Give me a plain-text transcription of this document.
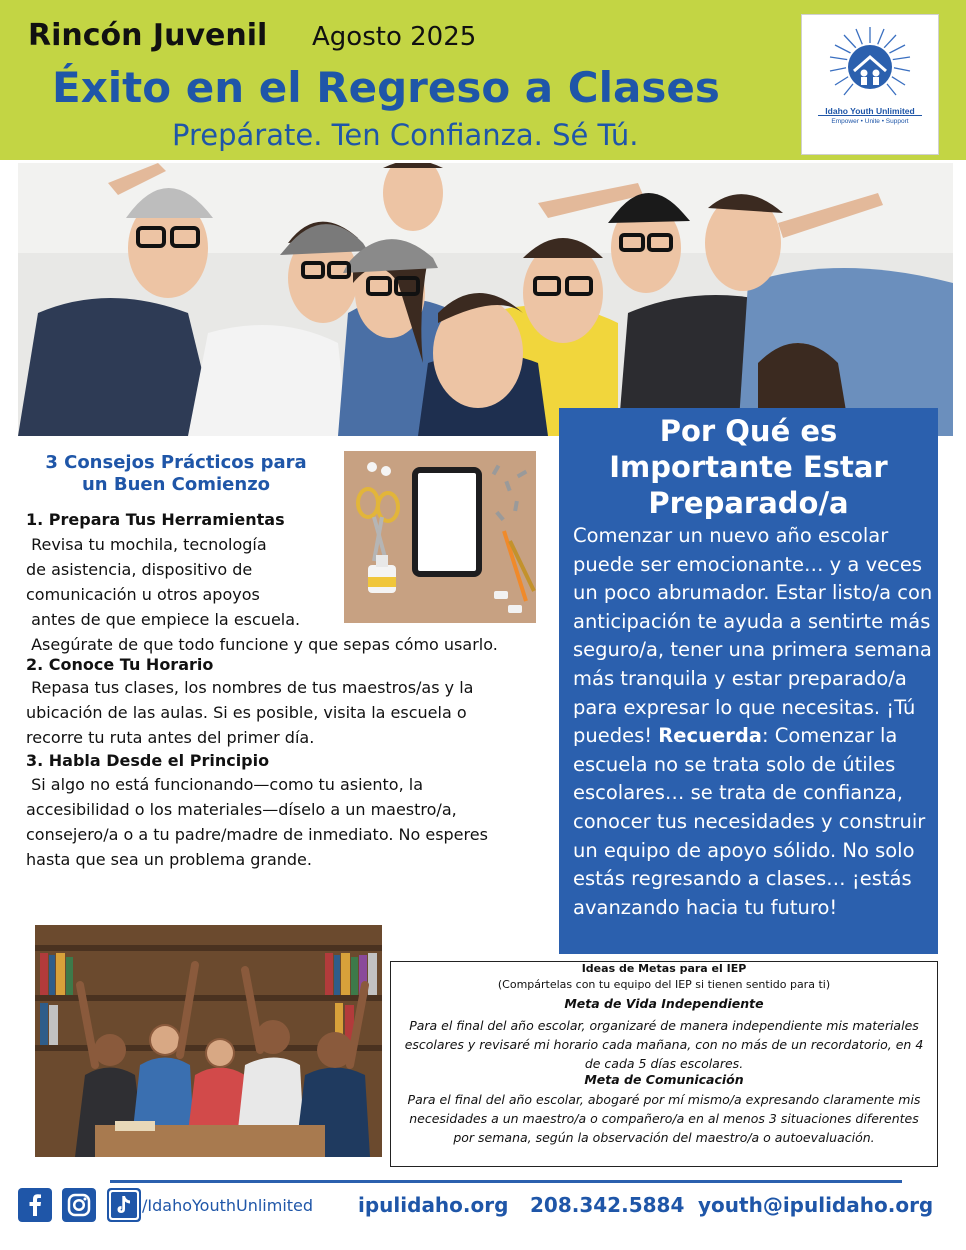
Rincón Juvenil Agosto 2025
Éxito en el Regreso a Clases
Prepárate. Ten Confianza. Sé Tú.
Idaho Youth Unlimited
Empower • Unite • Support
3 Consejos Prácticos para
un Buen Comienzo
1. Prepara Tus Herramientas
Revisa tu mochila, tecnología
de asistencia, dispositivo de
comunicación u otros apoyos
antes de que empiece la escuela.
Asegúrate de que todo funcione y que sepas cómo usarlo.
2. Conoce Tu Horario
Repasa tus clases, los nombres de tus maestros/as y la
ubicación de las aulas. Si es posible, visita la escuela o
recorre tu ruta antes del primer día.
3. Habla Desde el Principio
Si algo no está funcionando—como tu asiento, la
accesibilidad o los materiales—díselo a un maestro/a,
consejero/a o a tu padre/madre de inmediato. No esperes
hasta que sea un problema grande.
Por Qué es
Importante Estar
Preparado/a
Comenzar un nuevo año escolar puede ser emocionante… y a veces un poco abrumador. Estar listo/a con anticipación te ayuda a sentirte más seguro/a, tener una primera semana más tranquila y estar preparado/a para expresar lo que necesitas. ¡Tú puedes! Recuerda: Comenzar la escuela no se trata solo de útiles escolares… se trata de confianza, conocer tus necesidades y construir un equipo de apoyo sólido. No solo estás regresando a clases… ¡estás avanzando hacia tu futuro!
Ideas de Metas para el IEP
(Compártelas con tu equipo del IEP si tienen sentido para ti)
Meta de Vida Independiente
Para el final del año escolar, organizaré de manera independiente mis materiales escolares y revisaré mi horario cada mañana, con no más de un recordatorio, en 4 de cada 5 días escolares.
Meta de Comunicación
Para el final del año escolar, abogaré por mí mismo/a expresando claramente mis necesidades a un maestro/a o compañero/a en al menos 3 situaciones diferentes por semana, según la observación del maestro/a o autoevaluación.
/IdahoYouthUnlimited ipulidaho.org 208.342.5884 youth@ipulidaho.org
